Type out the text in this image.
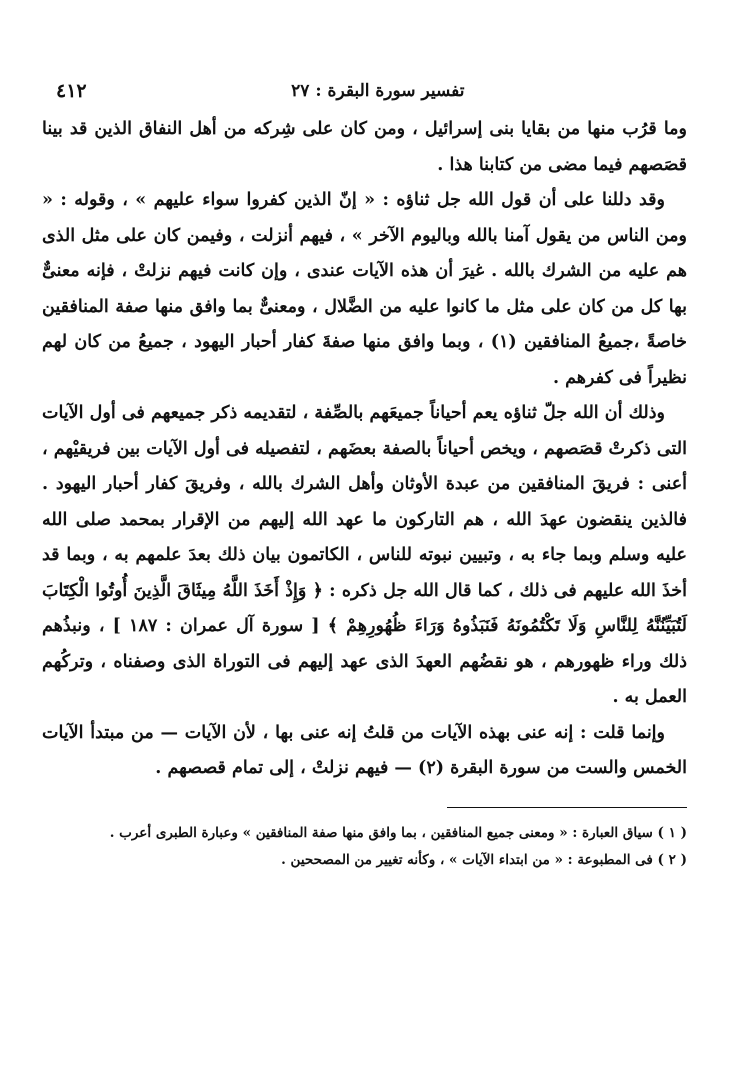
تفسير سورة البقرة : ٢٧
٤١٢

وما قرُب منها من بقايا بنى إسرائيل ، ومن كان على شِركه من أهل النفاق الذين قد بينا قصَصهم فيما مضى من كتابنا هذا .

وقد دللنا على أن قول الله جل ثناؤه : « إنّ الذين كفروا سواء عليهم » ، وقوله : « ومن الناس من يقول آمنا بالله وباليوم الآخر » ، فيهم أنزلت ، وفيمن كان على مثل الذى هم عليه من الشرك بالله . غيرَ أن هذه الآيات عندى ، وإن كانت فيهم نزلتْ ، فإنه معنىٌّ بها كل من كان على مثل ما كانوا عليه من الضَّلال ، ومعنىٌّ بما وافق منها صفة المنافقين خاصةً ،جميعُ المنافقين (١) ، وبما وافق منها صفةَ كفار أحبار اليهود ، جميعُ من كان لهم نظيراً فى كفرهم .

وذلك أن الله جلّ ثناؤه يعم أحياناً جميعَهم بالصِّفة ، لتقديمه ذكر جميعهم فى أول الآيات التى ذكرتْ قصَصهم ، ويخص أحياناً بالصفة بعضَهم ، لتفصيله فى أول الآيات بين فريقيْهم ، أعنى : فريقَ المنافقين من عبدة الأوثان وأهل الشرك بالله ، وفريقَ كفار أحبار اليهود . فالذين ينقضون عهدَ الله ، هم التاركون ما عهد الله إليهم من الإقرار بمحمد صلى الله عليه وسلم وبما جاء به ، وتبيين نبوته للناس ، الكاتمون بيان ذلك بعدَ علمهم به ، وبما قد أخذَ الله عليهم فى ذلك ، كما قال الله جل ذكره : ﴿ وَإِذْ أَخَذَ اللَّهُ مِيثَاقَ الَّذِينَ أُوتُوا الْكِتَابَ لَتُبَيِّنُنَّهُ لِلنَّاسِ وَلَا تَكْتُمُونَهُ فَنَبَذُوهُ وَرَاءَ ظُهُورِهِمْ ﴾ [ سورة آل عمران : ١٨٧ ] ، ونبذُهم ذلك وراء ظهورهم ، هو نقضُهم العهدَ الذى عهد إليهم فى التوراة الذى وصفناه ، وتركُهم العمل به .

وإنما قلت : إنه عنى بهذه الآيات من قلتُ إنه عنى بها ، لأن الآيات — من مبتدأ الآيات الخمس والست من سورة البقرة (٢) — فيهم نزلتْ ، إلى تمام قصصهم .

( ١ ) سياق العبارة : « ومعنى جميع المنافقين ، بما وافق منها صفة المنافقين » وعبارة الطبرى أعرب .

( ٢ ) فى المطبوعة : « من ابتداء الآيات » ، وكأنه تغيير من المصححين .
